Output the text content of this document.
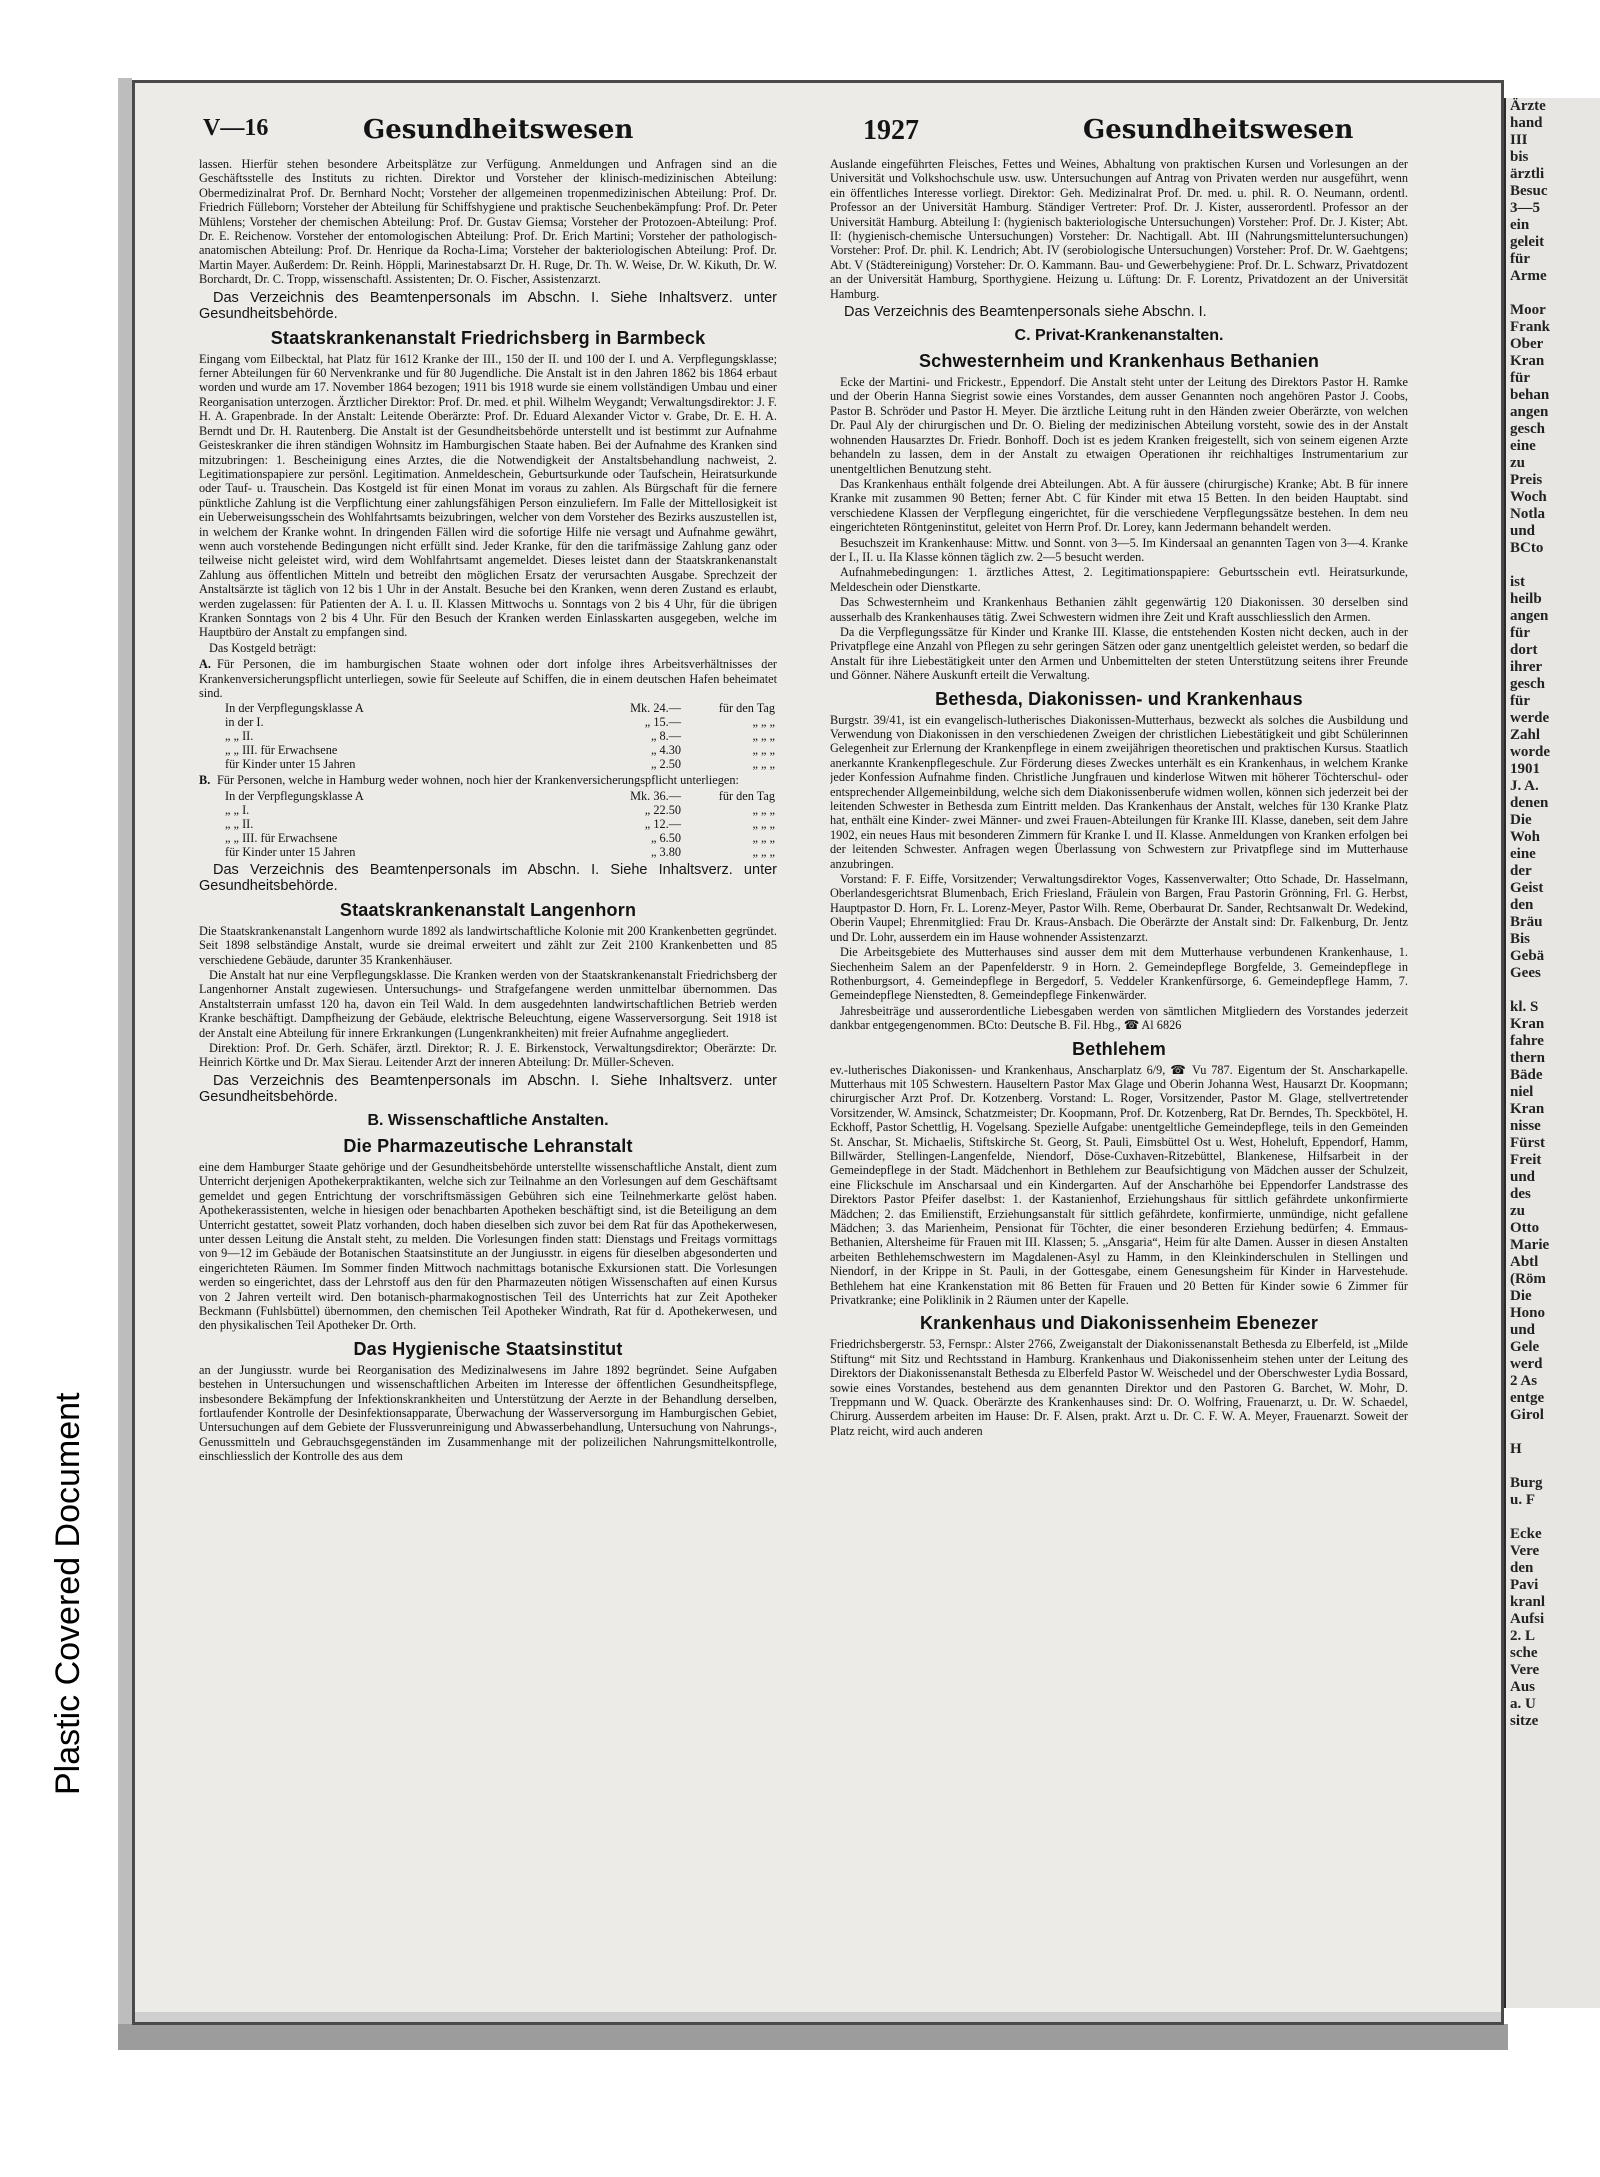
Plastic Covered Document
Ärzte
hand
III
bis
ärztli
Besuc
3—5
ein
geleit
für
Arme

Moor
Frank
Ober
Kran
für
behan
angen
gesch
eine
zu
Preis
Woch
Notla
und
BCto

ist
heilb
angen
für
dort
ihrer
gesch
für
werde
Zahl
worde
1901
J. A.
denen
Die
Woh
eine
der
Geist
den
Bräu
Bis
Gebä
Gees

kl. S
Kran
fahre
thern
Bäde
niel
Kran
nisse
Fürst
Freit
und
des
zu
Otto
Marie
Abtl
(Röm
Die
Hono
und
Gele
werd
2 As
entge
Girol

H

Burg
u. F

Ecke
Vere
den
Pavi
kranl
Aufsi
2. L
sche
Vere
Aus
a. U
sitze
V—16	Gesundheitswesen	1927	Gesundheitswesen

lassen. Hierfür stehen besondere Arbeitsplätze zur Verfügung. Anmeldungen und Anfragen sind an die Geschäftsstelle des Instituts zu richten. Direktor und Vorsteher der klinisch-medizinischen Abteilung: Obermedizinalrat Prof. Dr. Bernhard Nocht; Vorsteher der allgemeinen tropenmedizinischen Abteilung: Prof. Dr. Friedrich Fülleborn; Vorsteher der Abteilung für Schiffshygiene und praktische Seuchenbekämpfung: Prof. Dr. Peter Mühlens; Vorsteher der chemischen Abteilung: Prof. Dr. Gustav Giemsa; Vorsteher der Protozoen-Abteilung: Prof. Dr. E. Reichenow. Vorsteher der entomologischen Abteilung: Prof. Dr. Erich Martini; Vorsteher der pathologisch-anatomischen Abteilung: Prof. Dr. Henrique da Rocha-Lima; Vorsteher der bakteriologischen Abteilung: Prof. Dr. Martin Mayer. Außerdem: Dr. Reinh. Höppli, Marinestabsarzt Dr. H. Ruge, Dr. Th. W. Weise, Dr. W. Kikuth, Dr. W. Borchardt, Dr. C. Tropp, wissenschaftl. Assistenten; Dr. O. Fischer, Assistenzarzt.

Das Verzeichnis des Beamtenpersonals im Abschn. I. Siehe Inhaltsverz. unter Gesundheitsbehörde.

Staatskrankenanstalt Friedrichsberg in Barmbeck

Eingang vom Eilbecktal, hat Platz für 1612 Kranke der III., 150 der II. und 100 der I. und A. Verpflegungsklasse; ferner Abteilungen für 60 Nervenkranke und für 80 Jugendliche. Die Anstalt ist in den Jahren 1862 bis 1864 erbaut worden und wurde am 17. November 1864 bezogen; 1911 bis 1918 wurde sie einem vollständigen Umbau und einer Reorganisation unterzogen. Ärztlicher Direktor: Prof. Dr. med. et phil. Wilhelm Weygandt; Verwaltungsdirektor: J. F. H. A. Grapenbrade. In der Anstalt: Leitende Oberärzte: Prof. Dr. Eduard Alexander Victor v. Grabe, Dr. E. H. A. Berndt und Dr. H. Rautenberg. Die Anstalt ist der Gesundheitsbehörde unterstellt und ist bestimmt zur Aufnahme Geisteskranker die ihren ständigen Wohnsitz im Hamburgischen Staate haben. Bei der Aufnahme des Kranken sind mitzubringen: 1. Bescheinigung eines Arztes, die die Notwendigkeit der Anstaltsbehandlung nachweist, 2. Legitimationspapiere zur persönl. Legitimation. Anmeldeschein, Geburtsurkunde oder Taufschein, Heiratsurkunde oder Tauf- u. Trauschein. Das Kostgeld ist für einen Monat im voraus zu zahlen. Als Bürgschaft für die fernere pünktliche Zahlung ist die Verpflichtung einer zahlungsfähigen Person einzuliefern. Im Falle der Mittellosigkeit ist ein Ueberweisungsschein des Wohlfahrtsamts beizubringen, welcher von dem Vorsteher des Bezirks auszustellen ist, in welchem der Kranke wohnt. In dringenden Fällen wird die sofortige Hilfe nie versagt und Aufnahme gewährt, wenn auch vorstehende Bedingungen nicht erfüllt sind. Jeder Kranke, für den die tarifmässige Zahlung ganz oder teilweise nicht geleistet wird, wird dem Wohlfahrtsamt angemeldet. Dieses leistet dann der Staatskrankenanstalt Zahlung aus öffentlichen Mitteln und betreibt den möglichen Ersatz der verursachten Ausgabe. Sprechzeit der Anstaltsärzte ist täglich von 12 bis 1 Uhr in der Anstalt. Besuche bei den Kranken, wenn deren Zustand es erlaubt, werden zugelassen: für Patienten der A. I. u. II. Klassen Mittwochs u. Sonntags von 2 bis 4 Uhr, für die übrigen Kranken Sonntags von 2 bis 4 Uhr. Für den Besuch der Kranken werden Einlasskarten ausgegeben, welche im Hauptbüro der Anstalt zu empfangen sind.

Das Kostgeld beträgt:

A. Für Personen, die im hamburgischen Staate wohnen oder dort infolge ihres Arbeitsverhältnisses der Krankenversicherungspflicht unterliegen, sowie für Seeleute auf Schiffen, die in einem deutschen Hafen beheimatet sind.
In der Verpflegungsklasse A	Mk. 24.—	für den Tag
in der I.	„ 15.—	„ „ „
„ „ II.	„ 8.—	„ „ „
„ „ III. für Erwachsene	„ 4.30	„ „ „
für Kinder unter 15 Jahren	„ 2.50	„ „ „
B. Für Personen, welche in Hamburg weder wohnen, noch hier der Krankenversicherungspflicht unterliegen:
In der Verpflegungsklasse A	Mk. 36.—	für den Tag
„ „ I.	„ 22.50	„ „ „
„ „ II.	„ 12.—	„ „ „
„ „ III. für Erwachsene	„ 6.50	„ „ „
für Kinder unter 15 Jahren	„ 3.80	„ „ „

Das Verzeichnis des Beamtenpersonals im Abschn. I. Siehe Inhaltsverz. unter Gesundheitsbehörde.

Staatskrankenanstalt Langenhorn

Die Staatskrankenanstalt Langenhorn wurde 1892 als landwirtschaftliche Kolonie mit 200 Krankenbetten gegründet. Seit 1898 selbständige Anstalt, wurde sie dreimal erweitert und zählt zur Zeit 2100 Krankenbetten und 85 verschiedene Gebäude, darunter 35 Krankenhäuser.

Die Anstalt hat nur eine Verpflegungsklasse. Die Kranken werden von der Staatskrankenanstalt Friedrichsberg der Langenhorner Anstalt zugewiesen. Untersuchungs- und Strafgefangene werden unmittelbar übernommen. Das Anstaltsterrain umfasst 120 ha, davon ein Teil Wald. In dem ausgedehnten landwirtschaftlichen Betrieb werden Kranke beschäftigt. Dampfheizung der Gebäude, elektrische Beleuchtung, eigene Wasserversorgung. Seit 1918 ist der Anstalt eine Abteilung für innere Erkrankungen (Lungenkrankheiten) mit freier Aufnahme angegliedert.

Direktion: Prof. Dr. Gerh. Schäfer, ärztl. Direktor; R. J. E. Birkenstock, Verwaltungsdirektor; Oberärzte: Dr. Heinrich Körtke und Dr. Max Sierau. Leitender Arzt der inneren Abteilung: Dr. Müller-Scheven.

Das Verzeichnis des Beamtenpersonals im Abschn. I. Siehe Inhaltsverz. unter Gesundheitsbehörde.

B. Wissenschaftliche Anstalten.
Die Pharmazeutische Lehranstalt

eine dem Hamburger Staate gehörige und der Gesundheitsbehörde unterstellte wissenschaftliche Anstalt, dient zum Unterricht derjenigen Apothekerpraktikanten, welche sich zur Teilnahme an den Vorlesungen auf dem Geschäftsamt gemeldet und gegen Entrichtung der vorschriftsmässigen Gebühren sich eine Teilnehmerkarte gelöst haben. Apothekerassistenten, welche in hiesigen oder benachbarten Apotheken beschäftigt sind, ist die Beteiligung an dem Unterricht gestattet, soweit Platz vorhanden, doch haben dieselben sich zuvor bei dem Rat für das Apothekerwesen, unter dessen Leitung die Anstalt steht, zu melden. Die Vorlesungen finden statt: Dienstags und Freitags vormittags von 9—12 im Gebäude der Botanischen Staatsinstitute an der Jungiusstr. in eigens für dieselben abgesonderten und eingerichteten Räumen. Im Sommer finden Mittwoch nachmittags botanische Exkursionen statt. Die Vorlesungen werden so eingerichtet, dass der Lehrstoff aus den für den Pharmazeuten nötigen Wissenschaften auf einen Kursus von 2 Jahren verteilt wird. Den botanisch-pharmakognostischen Teil des Unterrichts hat zur Zeit Apotheker Beckmann (Fuhlsbüttel) übernommen, den chemischen Teil Apotheker Windrath, Rat für d. Apothekerwesen, und den physikalischen Teil Apotheker Dr. Orth.

Das Hygienische Staatsinstitut

an der Jungiusstr. wurde bei Reorganisation des Medizinalwesens im Jahre 1892 begründet. Seine Aufgaben bestehen in Untersuchungen und wissenschaftlichen Arbeiten im Interesse der öffentlichen Gesundheitspflege, insbesondere Bekämpfung der Infektionskrankheiten und Unterstützung der Aerzte in der Behandlung derselben, fortlaufender Kontrolle der Desinfektionsapparate, Überwachung der Wasserversorgung im Hamburgischen Gebiet, Untersuchungen auf dem Gebiete der Flussverunreinigung und Abwasserbehandlung, Untersuchung von Nahrungs-, Genussmitteln und Gebrauchsgegenständen im Zusammenhange mit der polizeilichen Nahrungsmittelkontrolle, einschliesslich der Kontrolle des aus dem

Auslande eingeführten Fleisches, Fettes und Weines, Abhaltung von praktischen Kursen und Vorlesungen an der Universität und Volkshochschule usw. usw. Untersuchungen auf Antrag von Privaten werden nur ausgeführt, wenn ein öffentliches Interesse vorliegt. Direktor: Geh. Medizinalrat Prof. Dr. med. u. phil. R. O. Neumann, ordentl. Professor an der Universität Hamburg. Ständiger Vertreter: Prof. Dr. J. Kister, ausserordentl. Professor an der Universität Hamburg. Abteilung I: (hygienisch bakteriologische Untersuchungen) Vorsteher: Prof. Dr. J. Kister; Abt. II: (hygienisch-chemische Untersuchungen) Vorsteher: Dr. Nachtigall. Abt. III (Nahrungsmitteluntersuchungen) Vorsteher: Prof. Dr. phil. K. Lendrich; Abt. IV (serobiologische Untersuchungen) Vorsteher: Prof. Dr. W. Gaehtgens; Abt. V (Städtereinigung) Vorsteher: Dr. O. Kammann. Bau- und Gewerbehygiene: Prof. Dr. L. Schwarz, Privatdozent an der Universität Hamburg, Sporthygiene. Heizung u. Lüftung: Dr. F. Lorentz, Privatdozent an der Universität Hamburg.

Das Verzeichnis des Beamtenpersonals siehe Abschn. I.

C. Privat-Krankenanstalten.
Schwesternheim und Krankenhaus Bethanien

Ecke der Martini- und Frickestr., Eppendorf. Die Anstalt steht unter der Leitung des Direktors Pastor H. Ramke und der Oberin Hanna Siegrist sowie eines Vorstandes, dem ausser Genannten noch angehören Pastor J. Coobs, Pastor B. Schröder und Pastor H. Meyer. Die ärztliche Leitung ruht in den Händen zweier Oberärzte, von welchen Dr. Paul Aly der chirurgischen und Dr. O. Bieling der medizinischen Abteilung vorsteht, sowie des in der Anstalt wohnenden Hausarztes Dr. Friedr. Bonhoff. Doch ist es jedem Kranken freigestellt, sich von seinem eigenen Arzte behandeln zu lassen, dem in der Anstalt zu etwaigen Operationen ihr reichhaltiges Instrumentarium zur unentgeltlichen Benutzung steht.

Das Krankenhaus enthält folgende drei Abteilungen. Abt. A für äussere (chirurgische) Kranke; Abt. B für innere Kranke mit zusammen 90 Betten; ferner Abt. C für Kinder mit etwa 15 Betten. In den beiden Hauptabt. sind verschiedene Klassen der Verpflegung eingerichtet, für die verschiedene Verpflegungssätze bestehen. In dem neu eingerichteten Röntgeninstitut, geleitet von Herrn Prof. Dr. Lorey, kann Jedermann behandelt werden.

Besuchszeit im Krankenhause: Mittw. und Sonnt. von 3—5. Im Kindersaal an genannten Tagen von 3—4. Kranke der I., II. u. IIa Klasse können täglich zw. 2—5 besucht werden.

Aufnahmebedingungen: 1. ärztliches Attest, 2. Legitimationspapiere: Geburtsschein evtl. Heiratsurkunde, Meldeschein oder Dienstkarte.

Das Schwesternheim und Krankenhaus Bethanien zählt gegenwärtig 120 Diakonissen. 30 derselben sind ausserhalb des Krankenhauses tätig. Zwei Schwestern widmen ihre Zeit und Kraft ausschliesslich den Armen.

Da die Verpflegungssätze für Kinder und Kranke III. Klasse, die entstehenden Kosten nicht decken, auch in der Privatpflege eine Anzahl von Pflegen zu sehr geringen Sätzen oder ganz unentgeltlich geleistet werden, so bedarf die Anstalt für ihre Liebestätigkeit unter den Armen und Unbemittelten der steten Unterstützung seitens ihrer Freunde und Gönner. Nähere Auskunft erteilt die Verwaltung.

Bethesda, Diakonissen- und Krankenhaus

Burgstr. 39/41, ist ein evangelisch-lutherisches Diakonissen-Mutterhaus, bezweckt als solches die Ausbildung und Verwendung von Diakonissen in den verschiedenen Zweigen der christlichen Liebestätigkeit und gibt Schülerinnen Gelegenheit zur Erlernung der Krankenpflege in einem zweijährigen theoretischen und praktischen Kursus. Staatlich anerkannte Krankenpflegeschule. Zur Förderung dieses Zweckes unterhält es ein Krankenhaus, in welchem Kranke jeder Konfession Aufnahme finden. Christliche Jungfrauen und kinderlose Witwen mit höherer Töchterschul- oder entsprechender Allgemeinbildung, welche sich dem Diakonissenberufe widmen wollen, können sich jederzeit bei der leitenden Schwester in Bethesda zum Eintritt melden. Das Krankenhaus der Anstalt, welches für 130 Kranke Platz hat, enthält eine Kinder- zwei Männer- und zwei Frauen-Abteilungen für Kranke III. Klasse, daneben, seit dem Jahre 1902, ein neues Haus mit besonderen Zimmern für Kranke I. und II. Klasse. Anmeldungen von Kranken erfolgen bei der leitenden Schwester. Anfragen wegen Überlassung von Schwestern zur Privatpflege sind im Mutterhause anzubringen.

Vorstand: F. F. Eiffe, Vorsitzender; Verwaltungsdirektor Voges, Kassenverwalter; Otto Schade, Dr. Hasselmann, Oberlandesgerichtsrat Blumenbach, Erich Friesland, Fräulein von Bargen, Frau Pastorin Grönning, Frl. G. Herbst, Hauptpastor D. Horn, Fr. L. Lorenz-Meyer, Pastor Wilh. Reme, Oberbaurat Dr. Sander, Rechtsanwalt Dr. Wedekind, Oberin Vaupel; Ehrenmitglied: Frau Dr. Kraus-Ansbach. Die Oberärzte der Anstalt sind: Dr. Falkenburg, Dr. Jentz und Dr. Lohr, ausserdem ein im Hause wohnender Assistenzarzt.

Die Arbeitsgebiete des Mutterhauses sind ausser dem mit dem Mutterhause verbundenen Krankenhause, 1. Siechenheim Salem an der Papenfelderstr. 9 in Horn. 2. Gemeindepflege Borgfelde, 3. Gemeindepflege in Rothenburgsort, 4. Gemeindepflege in Bergedorf, 5. Veddeler Krankenfürsorge, 6. Gemeindepflege Hamm, 7. Gemeindepflege Nienstedten, 8. Gemeindepflege Finkenwärder.

Jahresbeiträge und ausserordentliche Liebesgaben werden von sämtlichen Mitgliedern des Vorstandes jederzeit dankbar entgegengenommen. BCto: Deutsche B. Fil. Hbg., ☎ Al 6826

Bethlehem

ev.-lutherisches Diakonissen- und Krankenhaus, Anscharplatz 6/9, ☎ Vu 787. Eigentum der St. Anscharkapelle. Mutterhaus mit 105 Schwestern. Hauseltern Pastor Max Glage und Oberin Johanna West, Hausarzt Dr. Koopmann; chirurgischer Arzt Prof. Dr. Kotzenberg. Vorstand: L. Roger, Vorsitzender, Pastor M. Glage, stellvertretender Vorsitzender, W. Amsinck, Schatzmeister; Dr. Koopmann, Prof. Dr. Kotzenberg, Rat Dr. Berndes, Th. Speckbötel, H. Eckhoff, Pastor Schettlig, H. Vogelsang. Spezielle Aufgabe: unentgeltliche Gemeindepflege, teils in den Gemeinden St. Anschar, St. Michaelis, Stiftskirche St. Georg, St. Pauli, Eimsbüttel Ost u. West, Hoheluft, Eppendorf, Hamm, Billwärder, Stellingen-Langenfelde, Niendorf, Döse-Cuxhaven-Ritzebüttel, Blankenese, Hilfsarbeit in der Gemeindepflege in der Stadt. Mädchenhort in Bethlehem zur Beaufsichtigung von Mädchen ausser der Schulzeit, eine Flickschule im Anscharsaal und ein Kindergarten. Auf der Anscharhöhe bei Eppendorfer Landstrasse des Direktors Pastor Pfeifer daselbst: 1. der Kastanienhof, Erziehungshaus für sittlich gefährdete unkonfirmierte Mädchen; 2. das Emilienstift, Erziehungsanstalt für sittlich gefährdete, konfirmierte, unmündige, nicht gefallene Mädchen; 3. das Marienheim, Pensionat für Töchter, die einer besonderen Erziehung bedürfen; 4. Emmaus-Bethanien, Altersheime für Frauen mit III. Klassen; 5. „Ansgaria“, Heim für alte Damen. Ausser in diesen Anstalten arbeiten Bethlehemschwestern im Magdalenen-Asyl zu Hamm, in den Kleinkinderschulen in Stellingen und Niendorf, in der Krippe in St. Pauli, in der Gottesgabe, einem Genesungsheim für Kinder in Harvestehude. Bethlehem hat eine Krankenstation mit 86 Betten für Frauen und 20 Betten für Kinder sowie 6 Zimmer für Privatkranke; eine Poliklinik in 2 Räumen unter der Kapelle.

Krankenhaus und Diakonissenheim Ebenezer

Friedrichsbergerstr. 53, Fernspr.: Alster 2766, Zweiganstalt der Diakonissenanstalt Bethesda zu Elberfeld, ist „Milde Stiftung“ mit Sitz und Rechtsstand in Hamburg. Krankenhaus und Diakonissenheim stehen unter der Leitung des Direktors der Diakonissenanstalt Bethesda zu Elberfeld Pastor W. Weischedel und der Oberschwester Lydia Bossard, sowie eines Vorstandes, bestehend aus dem genannten Direktor und den Pastoren G. Barchet, W. Mohr, D. Treppmann und W. Quack. Oberärzte des Krankenhauses sind: Dr. O. Wolfring, Frauenarzt, u. Dr. W. Schaedel, Chirurg. Ausserdem arbeiten im Hause: Dr. F. Alsen, prakt. Arzt u. Dr. C. F. W. A. Meyer, Frauenarzt. Soweit der Platz reicht, wird auch anderen
